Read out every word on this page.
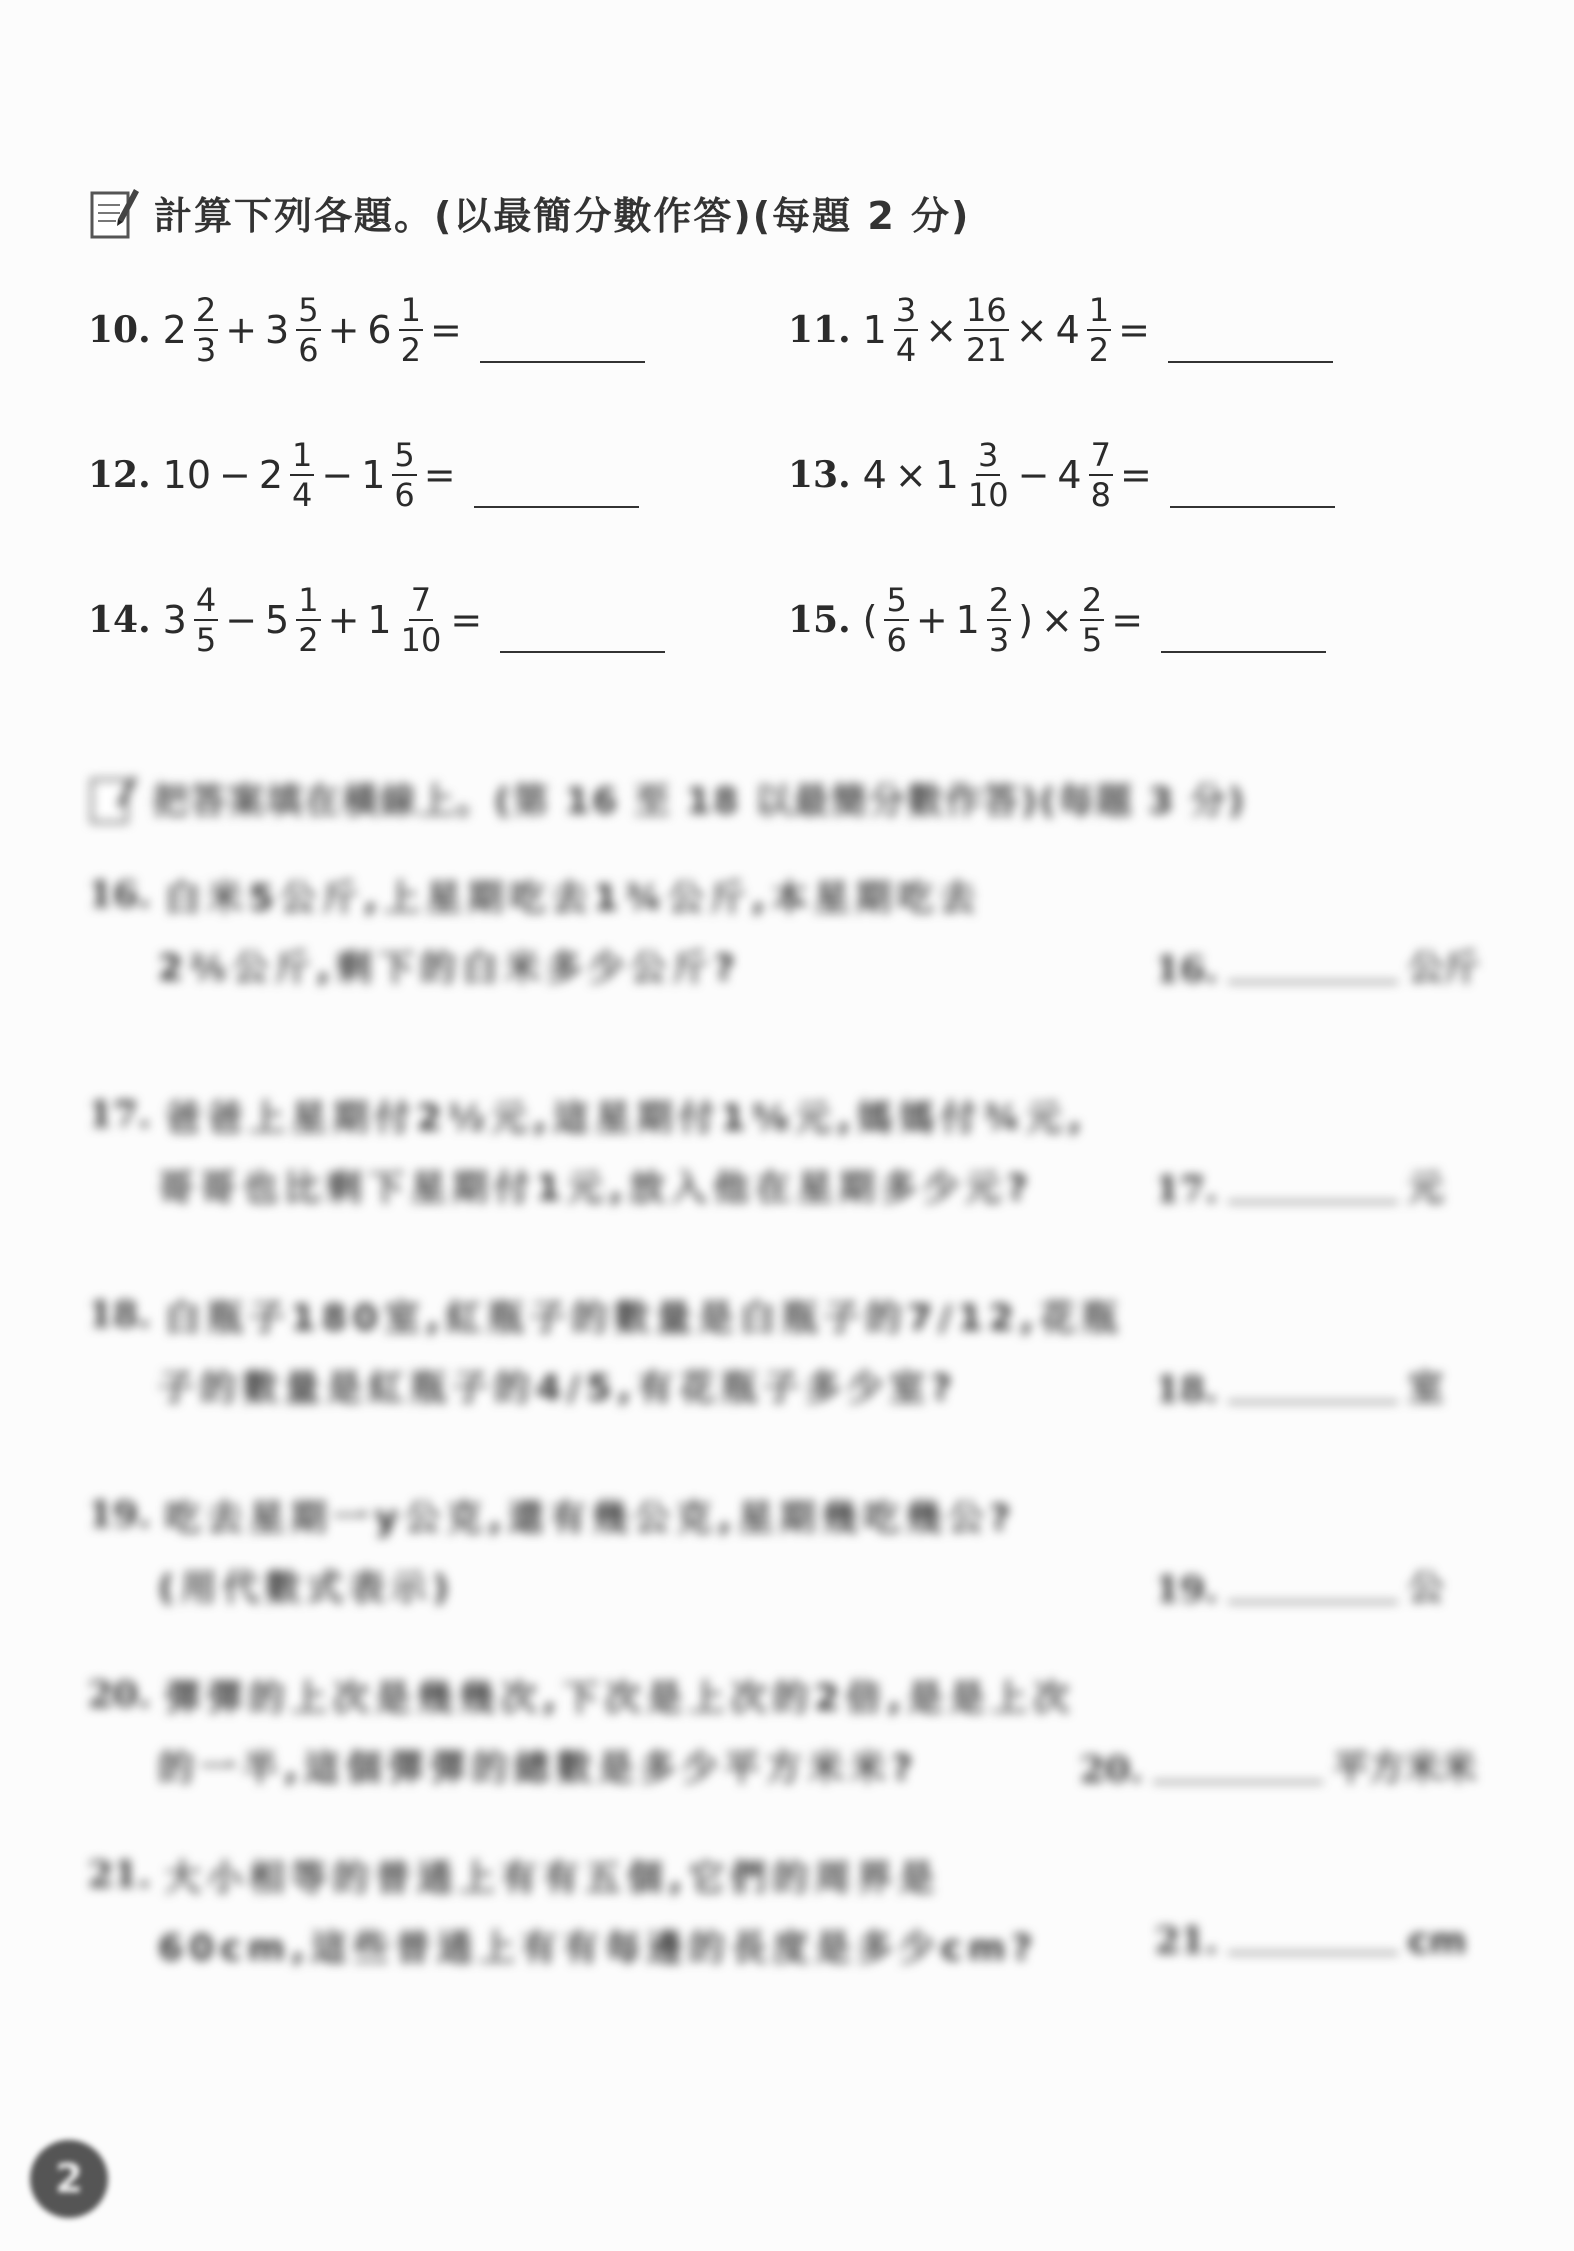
計算下列各題。(以最簡分數作答)(每題 2 分)
10. $2 \frac{2}{3} + 3 \frac{5}{6} + 6 \frac{1}{2}$ =	11. $1 \frac{3}{4} \times \frac{16}{21} \times 4 \frac{1}{2}$ =
12. $10 - 2 \frac{1}{4} - 1 \frac{5}{6}$ =	13. $4 \times 1 \frac{3}{10} - 4 \frac{7}{8}$ =
14. $3 \frac{4}{5} - 5 \frac{1}{2} + 1 \frac{7}{10}$ =	15. ( $\frac{5}{6} + 1 \frac{2}{3}$ ) × $\frac{2}{5}$ =
把答案填在橫線上。(第 16 至 18 以最簡分數作答)(每題 3 分)
16. 白米5公斤,上星期吃去1¾公斤,本星期吃去
2⅖公斤,剩下的白米多少公斤?	16.	公斤
17. 爸爸上星期付2½元,這星期付1⅝元,媽媽付¾元,
哥哥也比剩下星期付1元,放入他在星期多少元?	17.	元
18. 白瓶子180室,紅瓶子的數量是白瓶子的7/12,花瓶
子的數量是紅瓶子的4/5,有花瓶子多少室?	18.	室
19. 吃去星期一y公克,還有幾公克,星期幾吃幾公?
(用代數式表示)	19.	公
20. 彈彈的上次是幾幾次,下次是上次的2倍,是是上次
的一半,這個彈彈的總數是多少平方米米?	20.	平方米米
21. 大小相等的普通上有有五個,它們的周界是
60cm,這些普通上有有每邊的長度是多少cm?	21.	cm
2
